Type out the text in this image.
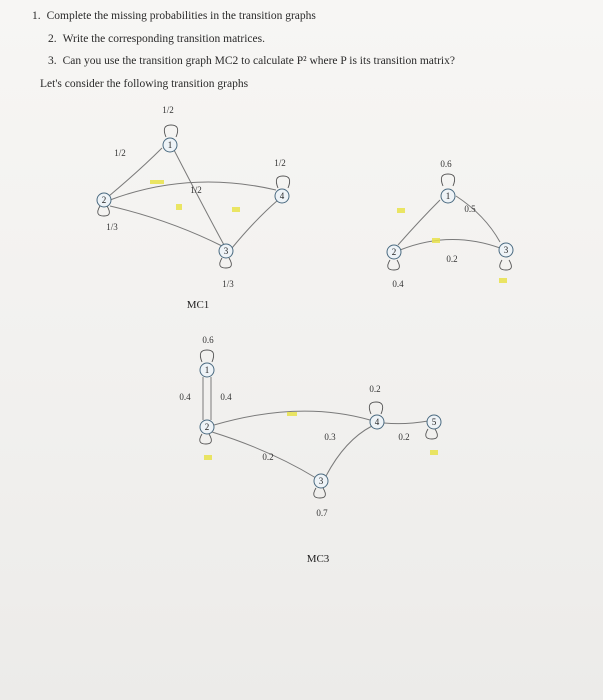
1. Complete the missing probabilities in the transition graphs
2. Write the corresponding transition matrices.
3. Can you use the transition graph MC2 to calculate P² where P is its transition matrix?
Let's consider the following transition graphs
1
2
3
4
1/2
1/2
1/3
1/2
1/2
1/3
MC1
1
2	3
0.6
0.4
0.5
0.2
1
2
0.6
0.4	0.4
3
4	5
0.2
0.3
0.7
0.2
0.2
MC3
